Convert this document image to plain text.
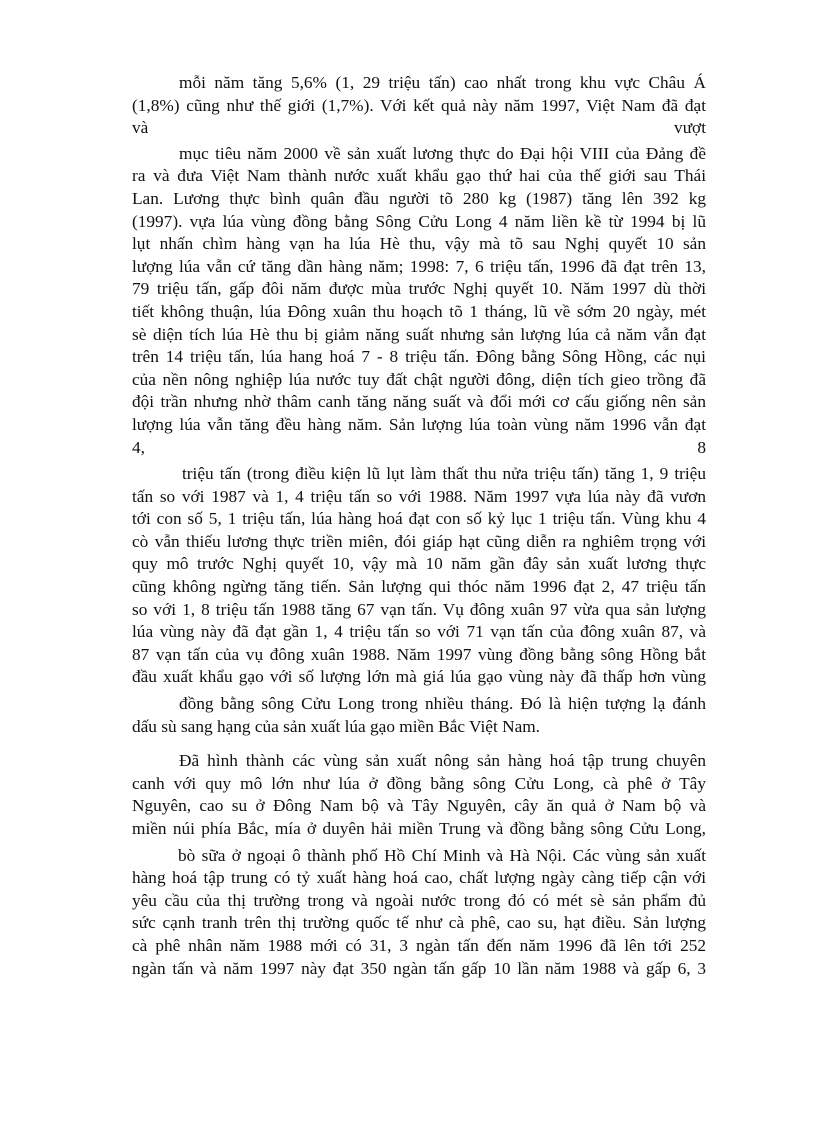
mỗi năm tăng 5,6% (1, 29 triệu tấn) cao nhất trong khu vực Châu Á
(1,8%) cũng như thế giới (1,7%). Với kết quả này năm 1997, Việt Nam đã đạt
và	vượt

mục tiêu năm 2000 về sản xuất lương thực do Đại hội VIII của Đảng đề
ra và đưa Việt Nam thành nước xuất khẩu gạo thứ hai của thế giới sau Thái
Lan. Lương thực bình quân đầu người tõ 280 kg (1987) tăng lên 392 kg
(1997). vựa lúa vùng đồng bằng Sông Cửu Long 4 năm liền kề từ 1994 bị lũ
lụt nhấn chìm hàng vạn ha lúa Hè thu, vậy mà tõ sau Nghị quyết 10 sản
lượng lúa vẫn cứ tăng dần hàng năm; 1998: 7, 6 triệu tấn, 1996 đã đạt trên 13,
79 triệu tấn, gấp đôi năm được mùa trước Nghị quyết 10. Năm 1997 dù thời
tiết không thuận, lúa Đông xuân thu hoạch tõ 1 tháng, lũ về sớm 20 ngày, mét
sè diện tích lúa Hè thu bị giảm năng suất nhưng sản lượng lúa cả năm vẫn đạt
trên 14 triệu tấn, lúa hang hoá 7 - 8 triệu tấn. Đông bằng Sông Hồng, các nụi
của nền nông nghiệp lúa nước tuy đất chật người đông, diện tích gieo trồng đã
đội trần nhưng nhờ thâm canh tăng năng suất và đổi mới cơ cấu giống nên sản
lượng lúa vẫn tăng đều hàng năm. Sản lượng lúa toàn vùng năm 1996 vẫn đạt
4,	8

triệu tấn (trong điều kiện lũ lụt làm thất thu nửa triệu tấn) tăng 1, 9 triệu
tấn so với 1987 và 1, 4 triệu tấn so với 1988. Năm 1997 vựa lúa này đã vươn
tới con số 5, 1 triệu tấn, lúa hàng hoá đạt con số kỷ lục 1 triệu tấn. Vùng khu 4
cò vẫn thiếu lương thực triền miên, đói giáp hạt cũng diễn ra nghiêm trọng với
quy mô trước Nghị quyết 10, vậy mà 10 năm gần đây sản xuất lương thực
cũng không ngừng tăng tiến. Sản lượng qui thóc năm 1996 đạt 2, 47 triệu tấn
so với 1, 8 triệu tấn 1988 tăng 67 vạn tấn. Vụ đông xuân 97 vừa qua sản lượng
lúa vùng này đã đạt gần 1, 4 triệu tấn so với 71 vạn tấn của đông xuân 87, và
87 vạn tấn của vụ đông xuân 1988. Năm 1997 vùng đồng bằng sông Hồng bắt
đầu xuất khẩu gạo với số lượng lớn mà giá lúa gạo vùng này đã thấp hơn vùng

đồng bằng sông Cửu Long trong nhiều tháng. Đó là hiện tượng lạ đánh
dấu sù sang hạng của sản xuất lúa gạo miền Bắc Việt Nam.

Đã hình thành các vùng sản xuất nông sản hàng hoá tập trung chuyên
canh với quy mô lớn như lúa ở đồng bằng sông Cửu Long, cà phê ở Tây
Nguyên, cao su ở Đông Nam bộ và Tây Nguyên, cây ăn quả ở Nam bộ và
miền núi phía Bắc, mía ở duyên hải miền Trung và đồng bằng sông Cửu Long,

bò sữa ở ngoại ô thành phố Hồ Chí Minh và Hà Nội. Các vùng sản xuất
hàng hoá tập trung có tỷ xuất hàng hoá cao, chất lượng ngày càng tiếp cận với
yêu cầu của thị trường trong và ngoài nước trong đó có mét sè sản phẩm đủ
sức cạnh tranh trên thị trường quốc tế như cà phê, cao su, hạt điều. Sản lượng
cà phê nhân năm 1988 mới có 31, 3 ngàn tấn đến năm 1996 đã lên tới 252
ngàn tấn và năm 1997 này đạt 350 ngàn tấn gấp 10 lần năm 1988 và gấp 6, 3
